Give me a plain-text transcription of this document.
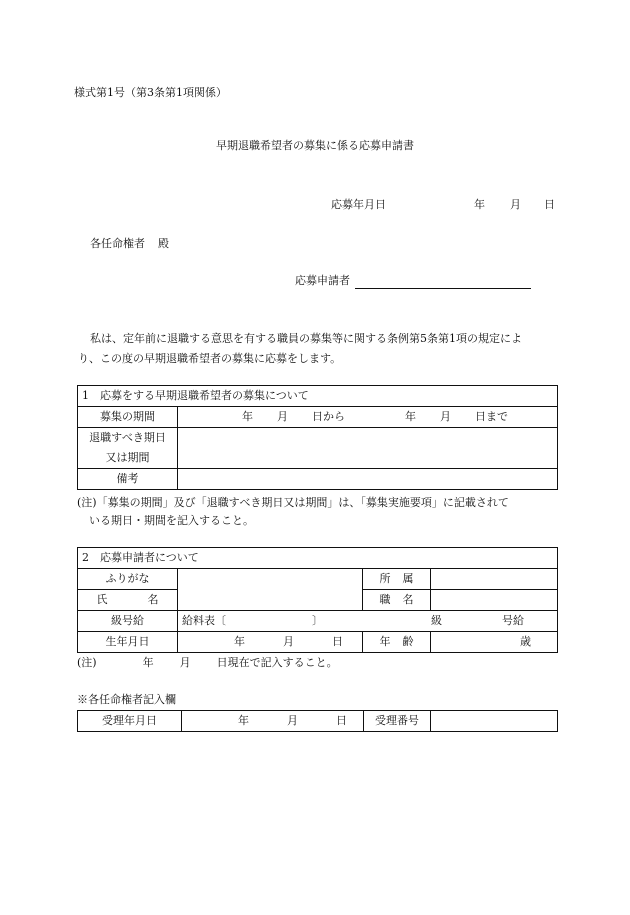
様式第1号（第3条第1項関係）
早期退職希望者の募集に係る応募申請書
応募年月日	年 月 日
各任命権者 殿
応募申請者

私は、定年前に退職する意思を有する職員の募集等に関する条例第5条第1項の規定によ

り、この度の早期退職希望者の募集に応募をします。

1　応募をする早期退職希望者の募集について	
募集の期間	年 月 日から 年 月 日まで

退職すべき期日
又は期間	

備考	
(注)「募集の期間」及び「退職すべき期日又は期間」は、「募集実施要項」に記載されて
いる期日・期間を記入すること。
2　応募申請者について			
ふりがな		所 属	
氏 名		職 名	
級号給	給料表〔 〕 級 号給		
生年月日	年 月 日	年 齢	歳
(注)	年 月 日現在で記入すること。
※各任命権者記入欄
受理年月日	年	月	日	受理番号	
